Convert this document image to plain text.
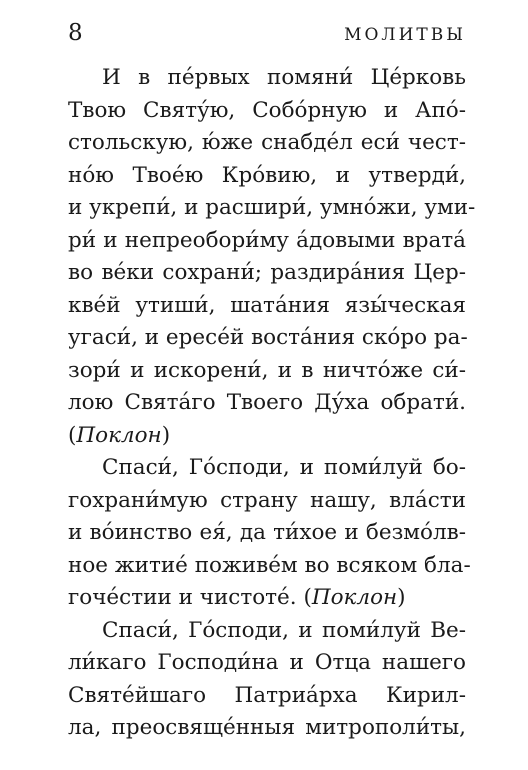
8	МОЛИТВЫ
И в пе́рвых помяни́ Це́рковь
Твою Святу́ю, Собо́рную и Апо́-
стольскую, ю́же снабде́л еси́ чест-
но́ю Твое́ю Кро́вию, и утверди́,
и укрепи́, и расшири́, умно́жи, уми-
ри́ и непреобори́му а́довыми врата́
во ве́ки сохрани́; раздира́ния Цер-
кве́й утиши́, шата́ния язы́ческая
угаси́, и ересе́й воста́ния ско́ро ра-
зори́ и искорени́, и в ничто́же си́-
лою Свята́го Твоего Ду́ха обрати́.
(Поклон)
Спаси́, Го́споди, и поми́луй бо-
гохрани́мую страну нашу, вла́сти
и во́инство ея́, да ти́хое и безмо́лв-
ное житие́ поживе́м во всяком бла-
гоче́стии и чистоте́. (Поклон)
Спаси́, Го́споди, и поми́луй Ве-
ли́каго Господи́на и Отца нашего
Святе́йшаго Патриа́рха Кирил-
ла, преосвяще́нныя митрополи́ты,
